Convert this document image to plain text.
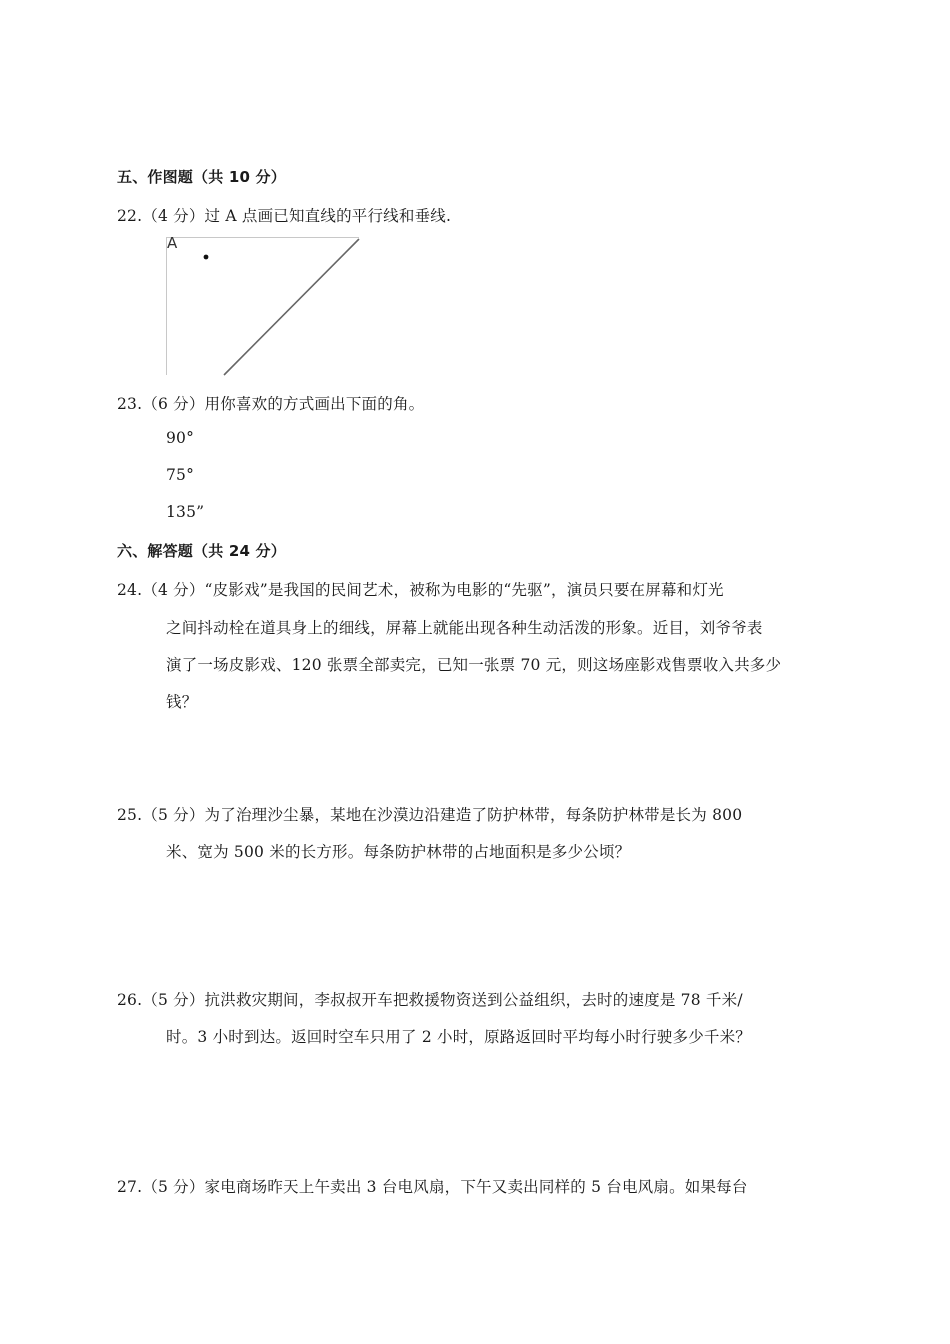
五、作图题（共 10 分）
22.（4 分）过 A 点画已知直线的平行线和垂线.
A
23.（6 分）用你喜欢的方式画出下面的角。
90°
75°
135”
六、解答题（共 24 分）
24.（4 分）“皮影戏”是我国的民间艺术，被称为电影的“先驱”，演员只要在屏幕和灯光
之间抖动栓在道具身上的细线，屏幕上就能出现各种生动活泼的形象。近目，刘爷爷表
演了一场皮影戏、120 张票全部卖完，已知一张票 70 元，则这场座影戏售票收入共多少
钱？
25.（5 分）为了治理沙尘暴，某地在沙漠边沿建造了防护林带，每条防护林带是长为 800
米、宽为 500 米的长方形。每条防护林带的占地面积是多少公顷？
26.（5 分）抗洪救灾期间，李叔叔开车把救援物资送到公益组织，去时的速度是 78 千米/
时。3 小时到达。返回时空车只用了 2 小时，原路返回时平均每小时行驶多少千米？
27.（5 分）家电商场昨天上午卖出 3 台电风扇，下午又卖出同样的 5 台电风扇。如果每台
